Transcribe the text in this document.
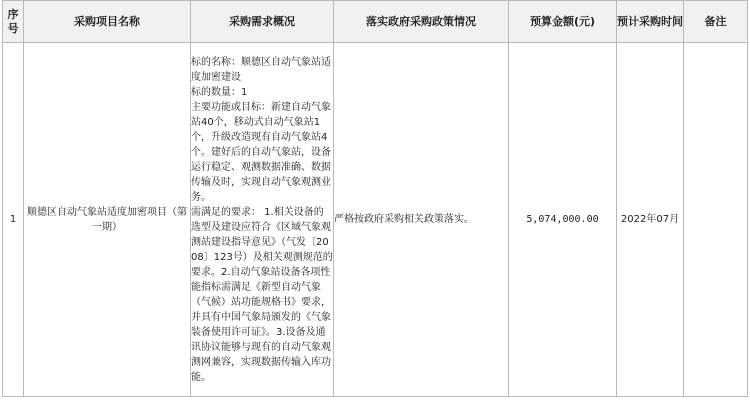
序号	采购项目名称	采购需求概况	落实政府采购政策情况	预算金额(元)	预计采购时间	备注
1	顺德区自动气象站适度加密项目（第一期）	标的名称：顺德区自动气象站适度加密建设
标的数量：1
主要功能或目标：新建自动气象站40个，移动式自动气象站1个，升级改造现有自动气象站4个。建好后的自动气象站，设备运行稳定、观测数据准确、数据传输及时，实现自动气象观测业务。
需满足的要求： 1.相关设备的选型及建设应符合《区域气象观测站建设指导意见》（气发〔2008〕123号）及相关观测规范的要求。2.自动气象站设备各项性能指标需满足《新型自动气象（气候）站功能规格书》要求，并具有中国气象局颁发的《气象装备使用许可证》。3.设备及通讯协议能够与现有的自动气象观测网兼容，实现数据传输入库功能。	严格按政府采购相关政策落实。	5,074,000.00	2022年07月	
